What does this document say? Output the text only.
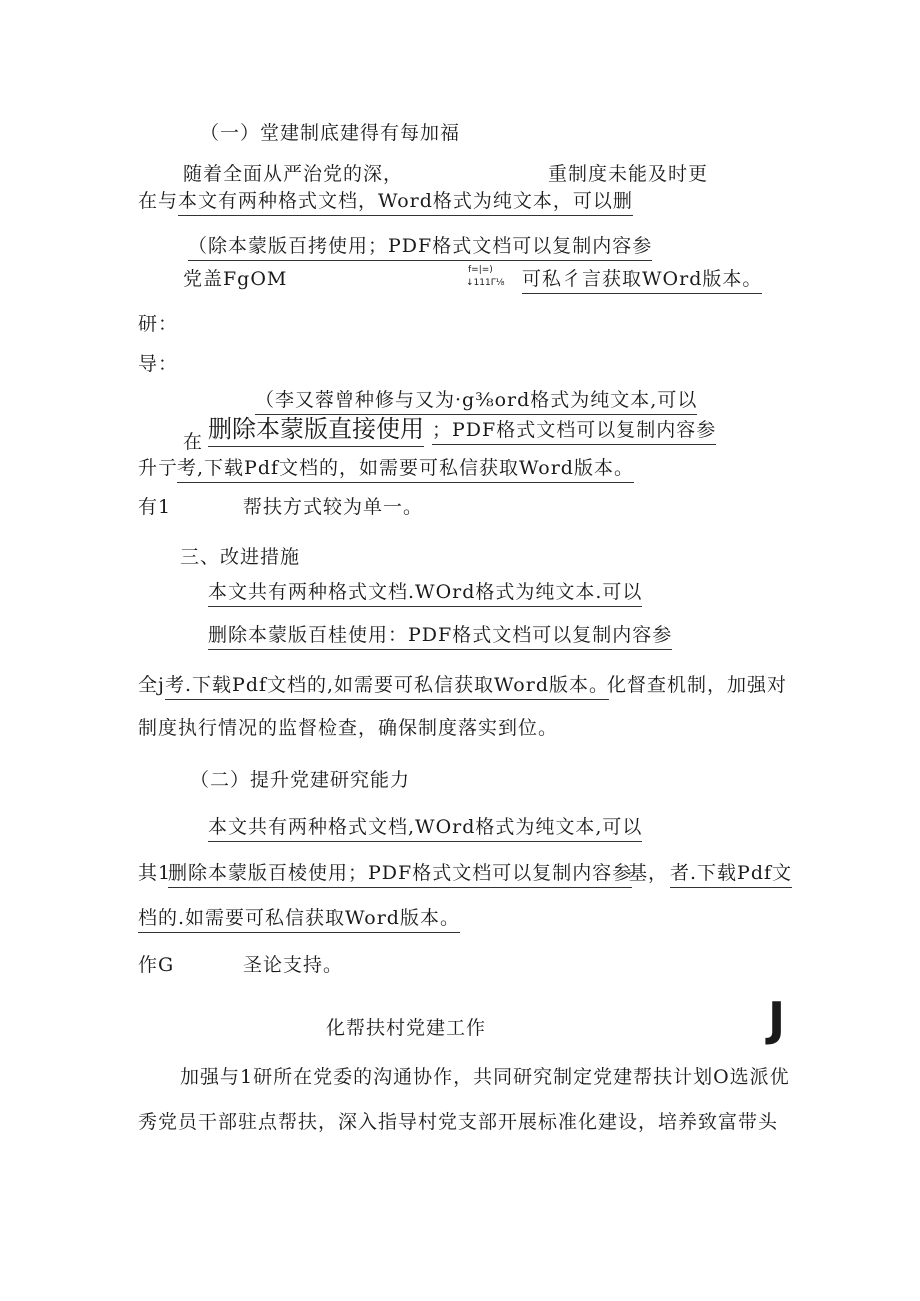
（一）堂建制底建得有每加福
随着全面从严治党的深，	重制度未能及时更
在与 本文有两种格式文档，Word格式为纯文本，可以删
（除本蒙版百拷使用；PDF格式文档可以复制内容参
党盖FgOM	f=|=)
↓111Γ⅛ 可私彳言获取WOrd版本。
研：
导：
（李又蓉曾种修与又为·g⅜ord格式为纯文本,可以
在 删除本蒙版直接使用 ；PDF格式文档可以复制内容参
升亍
考,下载Pdf文档的，如需要可私信获取Word版本。
有1	帮扶方式较为单一。
三、改进措施
本文共有两种格式文档.WOrd格式为纯文本.可以
删除本蒙版百桂使用：PDF格式文档可以复制内容参
全j 考.下载Pdf文档的,如需要可私信获取Word版本。
化督查机制，加强对
制度执行情况的监督检查，确保制度落实到位。
（二）提升党建研究能力
本文共有两种格式文档,WOrd格式为纯文本,可以
其1
删除本蒙版百棱使用；PDF格式文档可以复制内容参
基， 者.下载Pdf文
档的.如需要可私信获取Word版本。
作G	圣论支持。
化帮扶村党建工作	J
加强与1研所在党委的沟通协作，共同研究制定党建帮扶计划O选派优
秀党员干部驻点帮扶，深入指导村党支部开展标准化建设，培养致富带头
